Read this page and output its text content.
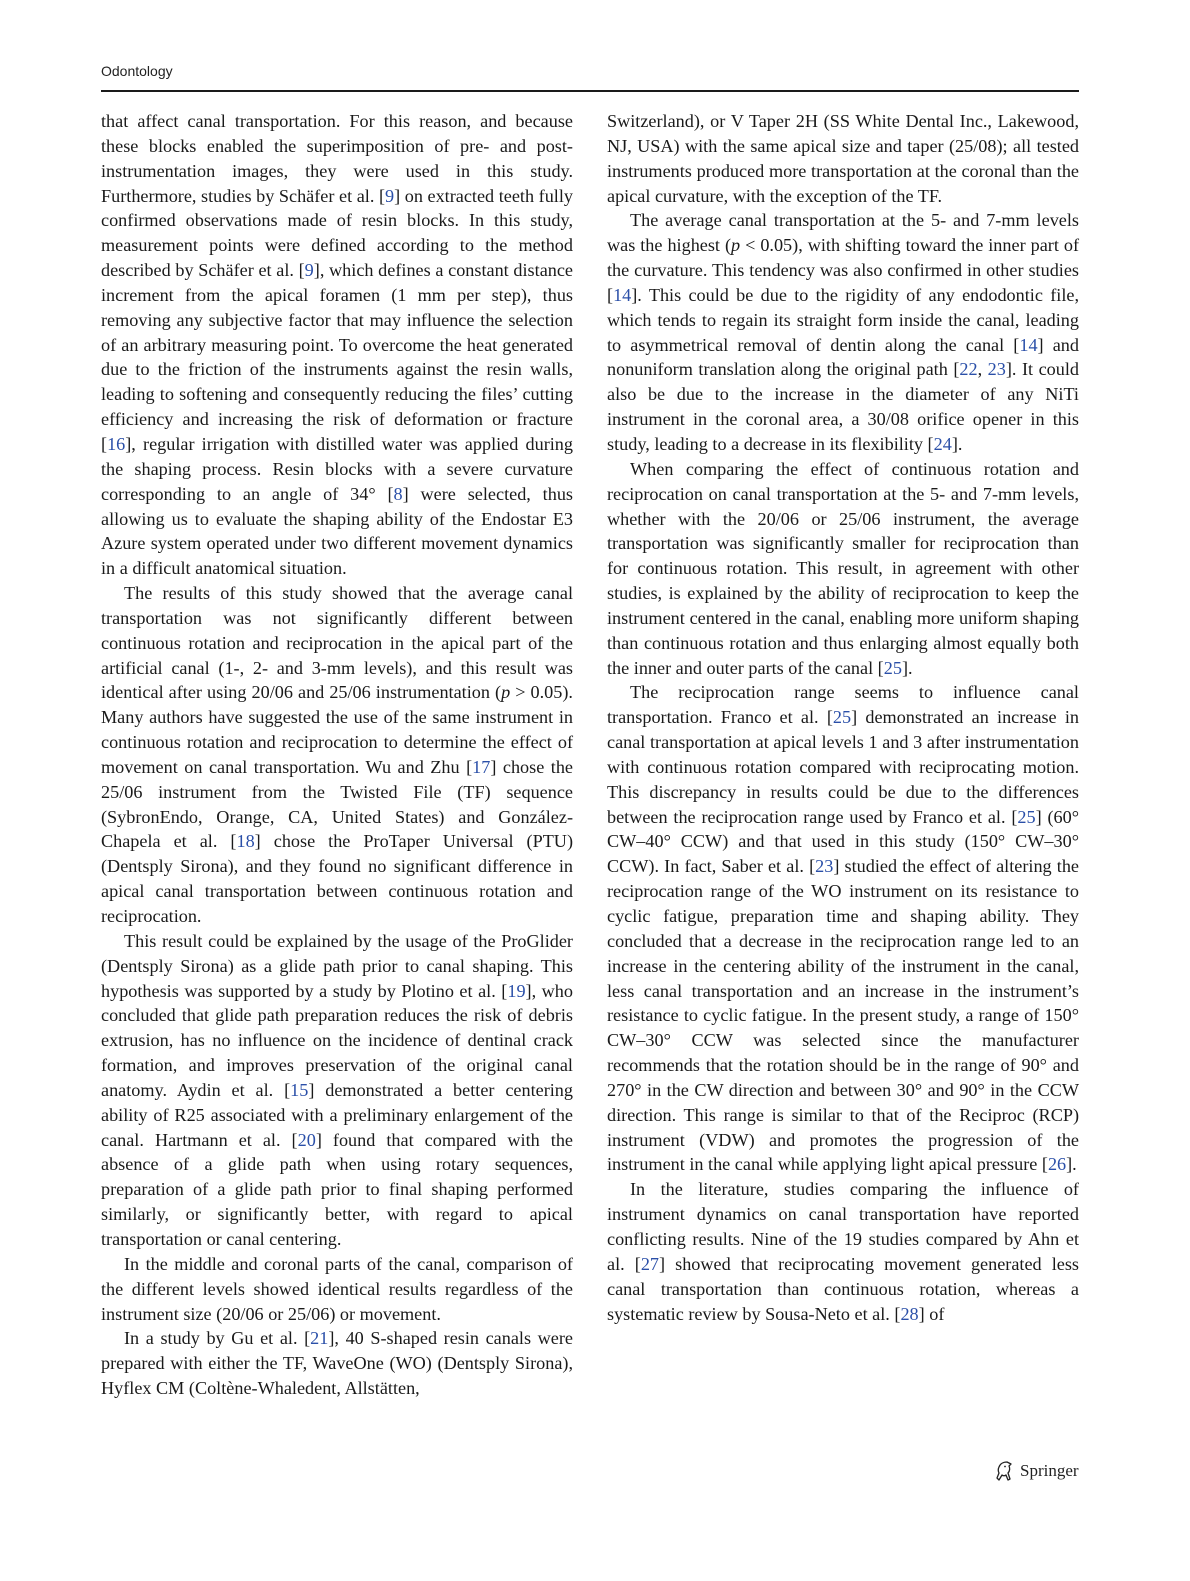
Odontology

that affect canal transportation. For this reason, and because these blocks enabled the superimposition of pre- and post-instrumentation images, they were used in this study. Furthermore, studies by Schäfer et al. [9] on extracted teeth fully confirmed observations made of resin blocks. In this study, measurement points were defined according to the method described by Schäfer et al. [9], which defines a constant distance increment from the apical foramen (1 mm per step), thus removing any subjective factor that may influence the selection of an arbitrary measuring point. To overcome the heat generated due to the friction of the instruments against the resin walls, leading to softening and consequently reducing the files’ cutting efficiency and increasing the risk of deformation or fracture [16], regular irrigation with distilled water was applied during the shaping process. Resin blocks with a severe curvature corresponding to an angle of 34° [8] were selected, thus allowing us to evaluate the shaping ability of the Endostar E3 Azure system operated under two different movement dynamics in a difficult anatomical situation.

The results of this study showed that the average canal transportation was not significantly different between continuous rotation and reciprocation in the apical part of the artificial canal (1-, 2- and 3-mm levels), and this result was identical after using 20/06 and 25/06 instrumentation (p > 0.05). Many authors have suggested the use of the same instrument in continuous rotation and reciprocation to determine the effect of movement on canal transportation. Wu and Zhu [17] chose the 25/06 instrument from the Twisted File (TF) sequence (SybronEndo, Orange, CA, United States) and González-Chapela et al. [18] chose the ProTaper Universal (PTU) (Dentsply Sirona), and they found no significant difference in apical canal transportation between continuous rotation and reciprocation.

This result could be explained by the usage of the ProGlider (Dentsply Sirona) as a glide path prior to canal shaping. This hypothesis was supported by a study by Plotino et al. [19], who concluded that glide path preparation reduces the risk of debris extrusion, has no influence on the incidence of dentinal crack formation, and improves preservation of the original canal anatomy. Aydin et al. [15] demonstrated a better centering ability of R25 associated with a preliminary enlargement of the canal. Hartmann et al. [20] found that compared with the absence of a glide path when using rotary sequences, preparation of a glide path prior to final shaping performed similarly, or significantly better, with regard to apical transportation or canal centering.

In the middle and coronal parts of the canal, comparison of the different levels showed identical results regardless of the instrument size (20/06 or 25/06) or movement.

In a study by Gu et al. [21], 40 S-shaped resin canals were prepared with either the TF, WaveOne (WO) (Dentsply Sirona), Hyflex CM (Coltène-Whaledent, Allstätten,

Switzerland), or V Taper 2H (SS White Dental Inc., Lakewood, NJ, USA) with the same apical size and taper (25/08); all tested instruments produced more transportation at the coronal than the apical curvature, with the exception of the TF.

The average canal transportation at the 5- and 7-mm levels was the highest (p < 0.05), with shifting toward the inner part of the curvature. This tendency was also confirmed in other studies [14]. This could be due to the rigidity of any endodontic file, which tends to regain its straight form inside the canal, leading to asymmetrical removal of dentin along the canal [14] and nonuniform translation along the original path [22, 23]. It could also be due to the increase in the diameter of any NiTi instrument in the coronal area, a 30/08 orifice opener in this study, leading to a decrease in its flexibility [24].

When comparing the effect of continuous rotation and reciprocation on canal transportation at the 5- and 7-mm levels, whether with the 20/06 or 25/06 instrument, the average transportation was significantly smaller for reciprocation than for continuous rotation. This result, in agreement with other studies, is explained by the ability of reciprocation to keep the instrument centered in the canal, enabling more uniform shaping than continuous rotation and thus enlarging almost equally both the inner and outer parts of the canal [25].

The reciprocation range seems to influence canal transportation. Franco et al. [25] demonstrated an increase in canal transportation at apical levels 1 and 3 after instrumentation with continuous rotation compared with reciprocating motion. This discrepancy in results could be due to the differences between the reciprocation range used by Franco et al. [25] (60° CW–40° CCW) and that used in this study (150° CW–30° CCW). In fact, Saber et al. [23] studied the effect of altering the reciprocation range of the WO instrument on its resistance to cyclic fatigue, preparation time and shaping ability. They concluded that a decrease in the reciprocation range led to an increase in the centering ability of the instrument in the canal, less canal transportation and an increase in the instrument’s resistance to cyclic fatigue. In the present study, a range of 150° CW–30° CCW was selected since the manufacturer recommends that the rotation should be in the range of 90° and 270° in the CW direction and between 30° and 90° in the CCW direction. This range is similar to that of the Reciproc (RCP) instrument (VDW) and promotes the progression of the instrument in the canal while applying light apical pressure [26].

In the literature, studies comparing the influence of instrument dynamics on canal transportation have reported conflicting results. Nine of the 19 studies compared by Ahn et al. [27] showed that reciprocating movement generated less canal transportation than continuous rotation, whereas a systematic review by Sousa-Neto et al. [28] of

Springer
